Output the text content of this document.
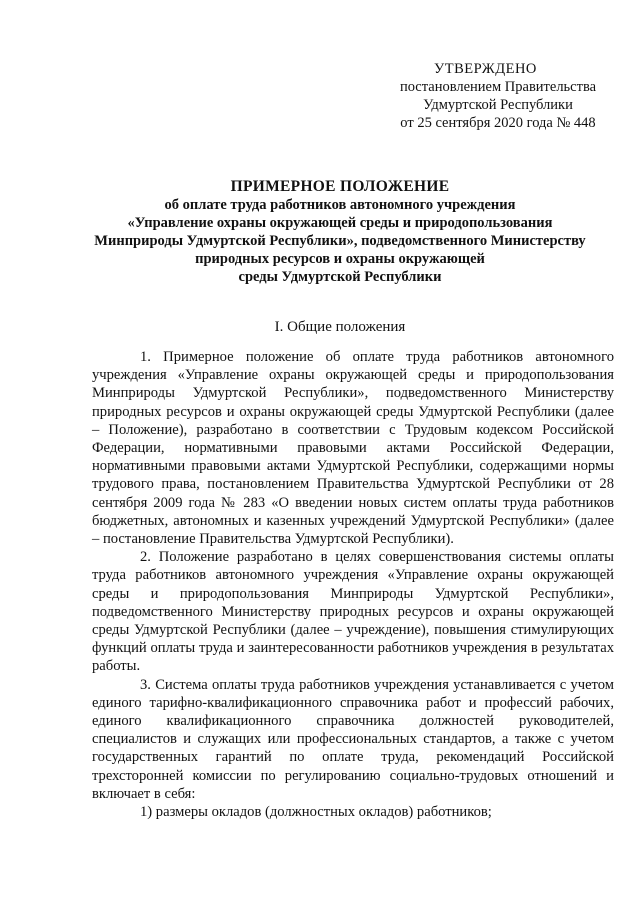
УТВЕРЖДЕНО
постановлением Правительства
Удмуртской Республики
от 25 сентября 2020 года № 448
ПРИМЕРНОЕ ПОЛОЖЕНИЕ
об оплате труда работников автономного учреждения
«Управление охраны окружающей среды и природопользования
Минприроды Удмуртской Республики», подведомственного Министерству
природных ресурсов и охраны окружающей
среды Удмуртской Республики
I. Общие положения

1. Примерное положение об оплате труда работников автономного учреждения «Управление охраны окружающей среды и природопользования Минприроды Удмуртской Республики», подведомственного Министерству природных ресурсов и охраны окружающей среды Удмуртской Республики (далее – Положение), разработано в соответствии с Трудовым кодексом Российской Федерации, нормативными правовыми актами Российской Федерации, нормативными правовыми актами Удмуртской Республики, содержащими нормы трудового права, постановлением Правительства Удмуртской Республики от 28 сентября 2009 года № 283 «О введении новых систем оплаты труда работников бюджетных, автономных и казенных учреждений Удмуртской Республики» (далее – постановление Правительства Удмуртской Республики).

2. Положение разработано в целях совершенствования системы оплаты труда работников автономного учреждения «Управление охраны окружающей среды и природопользования Минприроды Удмуртской Республики», подведомственного Министерству природных ресурсов и охраны окружающей среды Удмуртской Республики (далее – учреждение), повышения стимулирующих функций оплаты труда и заинтересованности работников учреждения в результатах работы.

3. Система оплаты труда работников учреждения устанавливается с учетом единого тарифно-квалификационного справочника работ и профессий рабочих, единого квалификационного справочника должностей руководителей, специалистов и служащих или профессиональных стандартов, а также с учетом государственных гарантий по оплате труда, рекомендаций Российской трехсторонней комиссии по регулированию социально-трудовых отношений и включает в себя:

1) размеры окладов (должностных окладов) работников;
